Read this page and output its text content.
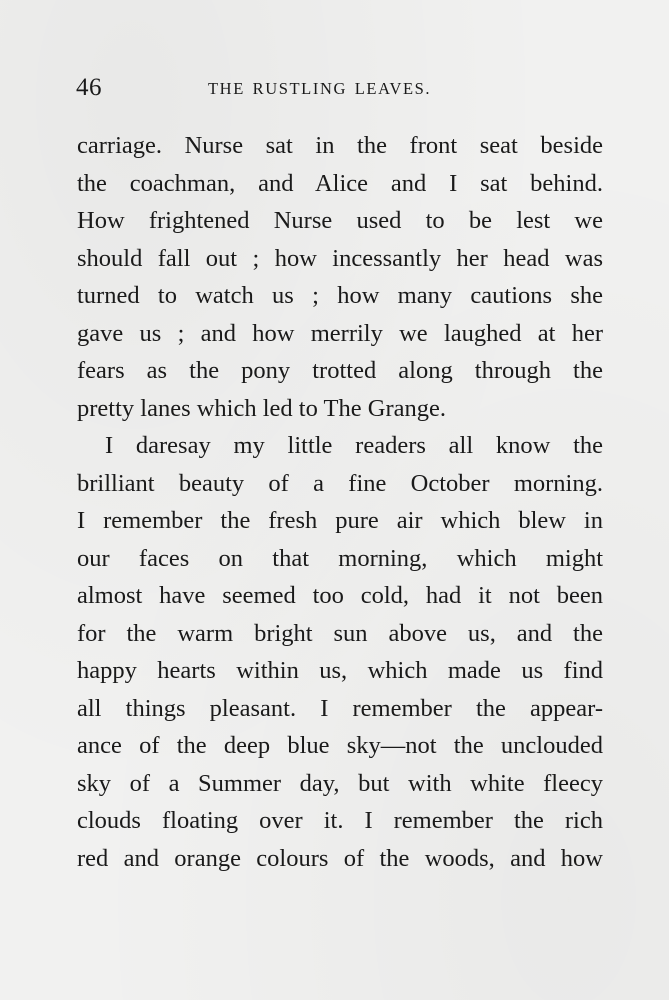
46	THE RUSTLING LEAVES.
carriage. Nurse sat in the front seat beside
the coachman, and Alice and I sat behind.
How frightened Nurse used to be lest we
should fall out ; how incessantly her head was
turned to watch us ; how many cautions she
gave us ; and how merrily we laughed at her
fears as the pony trotted along through the
pretty lanes which led to The Grange.
I daresay my little readers all know the
brilliant beauty of a fine October morning.
I remember the fresh pure air which blew in
our faces on that morning, which might
almost have seemed too cold, had it not been
for the warm bright sun above us, and the
happy hearts within us, which made us find
all things pleasant. I remember the appear-
ance of the deep blue sky—not the unclouded
sky of a Summer day, but with white fleecy
clouds floating over it. I remember the rich
red and orange colours of the woods, and how
